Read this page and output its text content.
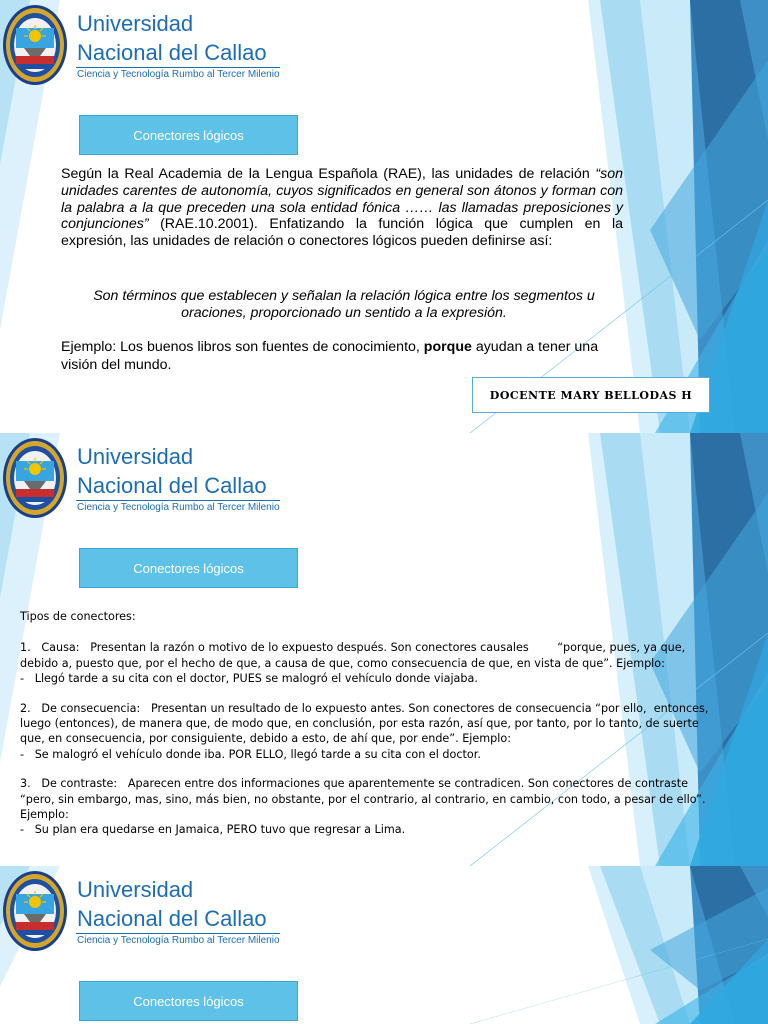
Universidad
Nacional del Callao
Ciencia y Tecnología Rumbo al Tercer Milenio
Conectores lógicos
Según la Real Academia de la Lengua Española (RAE), las unidades de relación “son unidades carentes de autonomía, cuyos significados en general son átonos y forman con la palabra a la que preceden una sola entidad fónica …… las llamadas preposiciones y conjunciones” (RAE.10.2001). Enfatizando la función lógica que cumplen en la expresión, las unidades de relación o conectores lógicos pueden definirse así:
Son términos que establecen y señalan la relación lógica entre los segmentos u oraciones, proporcionado un sentido a la expresión.
Ejemplo: Los buenos libros son fuentes de conocimiento, porque ayudan a tener una visión del mundo.
DOCENTE MARY BELLODAS H
Universidad
Nacional del Callao
Ciencia y Tecnología Rumbo al Tercer Milenio
Conectores lógicos

Tipos de conectores:

1.   Causa:   Presentan la razón o motivo de lo expuesto después. Son conectores causales        “porque, pues, ya que,

debido a, puesto que, por el hecho de que, a causa de que, como consecuencia de que, en vista de que”. Ejemplo:

-   Llegó tarde a su cita con el doctor, PUES se malogró el vehículo donde viajaba.

2.   De consecuencia:   Presentan un resultado de lo expuesto antes. Son conectores de consecuencia “por ello,  entonces,

luego (entonces), de manera que, de modo que, en conclusión, por esta razón, así que, por tanto, por lo tanto, de suerte

que, en consecuencia, por consiguiente, debido a esto, de ahí que, por ende”. Ejemplo:

-   Se malogró el vehículo donde iba. POR ELLO, llegó tarde a su cita con el doctor.

3.   De contraste:   Aparecen entre dos informaciones que aparentemente se contradicen. Son conectores de contraste

“pero, sin embargo, mas, sino, más bien, no obstante, por el contrario, al contrario, en cambio, con todo, a pesar de ello”.

Ejemplo:

-   Su plan era quedarse en Jamaica, PERO tuvo que regresar a Lima.

Universidad
Nacional del Callao
Ciencia y Tecnología Rumbo al Tercer Milenio
Conectores lógicos
